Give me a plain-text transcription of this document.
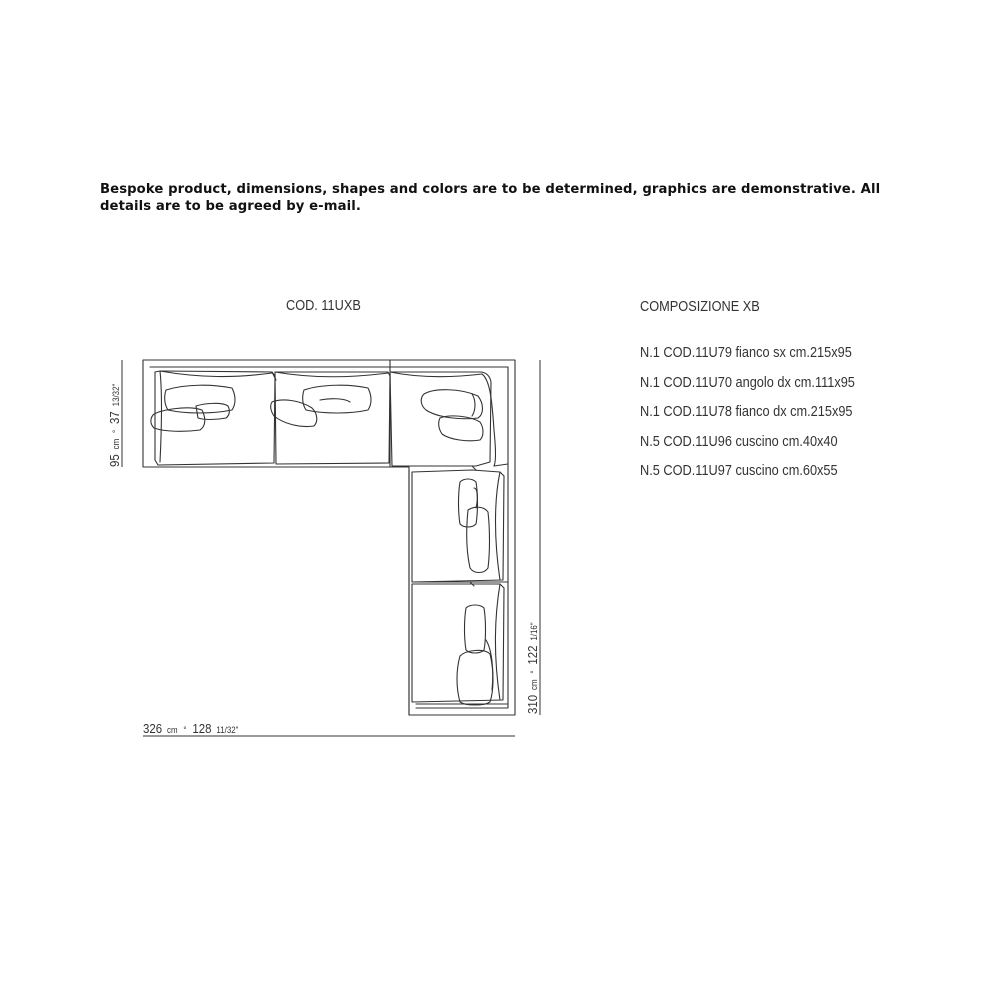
Bespoke product, dimensions, shapes and colors are to be determined, graphics are demonstrative. All details are to be agreed by e-mail.
COD. 11UXB
326 cm ° 128 11/32"
95 cm ° 37 13/32"
310 cm ° 122 1/16"
COMPOSIZIONE XB
N.1 COD.11U79 fianco sx cm.215x95
N.1 COD.11U70 angolo dx cm.111x95
N.1 COD.11U78 fianco dx cm.215x95
N.5 COD.11U96 cuscino cm.40x40
N.5 COD.11U97 cuscino cm.60x55
